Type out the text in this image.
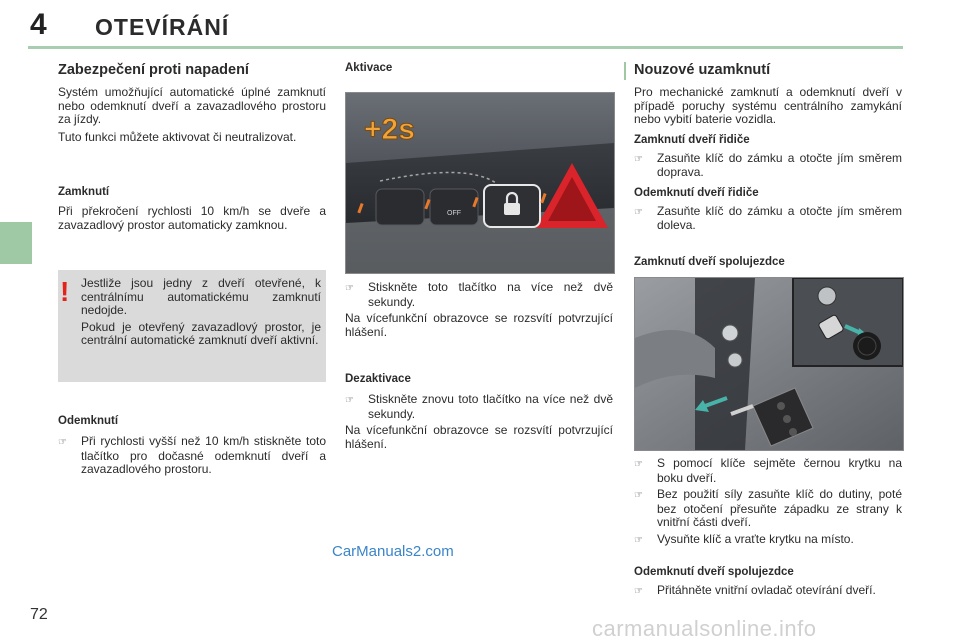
4 OTEVÍRÁNÍ
Zabezpečení proti napadení

Systém umožňující automatické úplné zamknutí nebo odemknutí dveří a zavazadlového prostoru za jízdy.

Tuto funkci můžete aktivovat či neutralizovat.

Zamknutí

Při překročení rychlosti 10 km/h se dveře a zavazadlový prostor automaticky zamknou.

! Jestliže jsou jedny z dveří otevřené, k centrálnímu automatickému zamknutí nedojde.

Pokud je otevřený zavazadlový prostor, je centrální automatické zamknutí dveří aktivní.

Odemknutí
☞ Při rychlosti vyšší než 10 km/h stiskněte toto tlačítko pro dočasné odemknutí dveří a zavazadlového prostoru.
Aktivace
OFF
+2s
☞ Stiskněte toto tlačítko na více než dvě sekundy.

Na vícefunkční obrazovce se rozsvítí potvrzující hlášení.

Dezaktivace
☞ Stiskněte znovu toto tlačítko na více než dvě sekundy.

Na vícefunkční obrazovce se rozsvítí potvrzující hlášení.

CarManuals2.com
Nouzové uzamknutí

Pro mechanické zamknutí a odemknutí dveří v případě poruchy systému centrálního zamykání nebo vybití baterie vozidla.

Zamknutí dveří řidiče
☞ Zasuňte klíč do zámku a otočte jím směrem doprava.
Odemknutí dveří řidiče
☞ Zasuňte klíč do zámku a otočte jím směrem doleva.
Zamknutí dveří spolujezdce
☞ S pomocí klíče sejměte černou krytku na boku dveří.
☞ Bez použití síly zasuňte klíč do dutiny, poté bez otočení přesuňte západku ze strany k vnitřní části dveří.
☞ Vysuňte klíč a vraťte krytku na místo.
Odemknutí dveří spolujezdce
☞ Přitáhněte vnitřní ovladač otevírání dveří.
72
carmanualsonline.info
